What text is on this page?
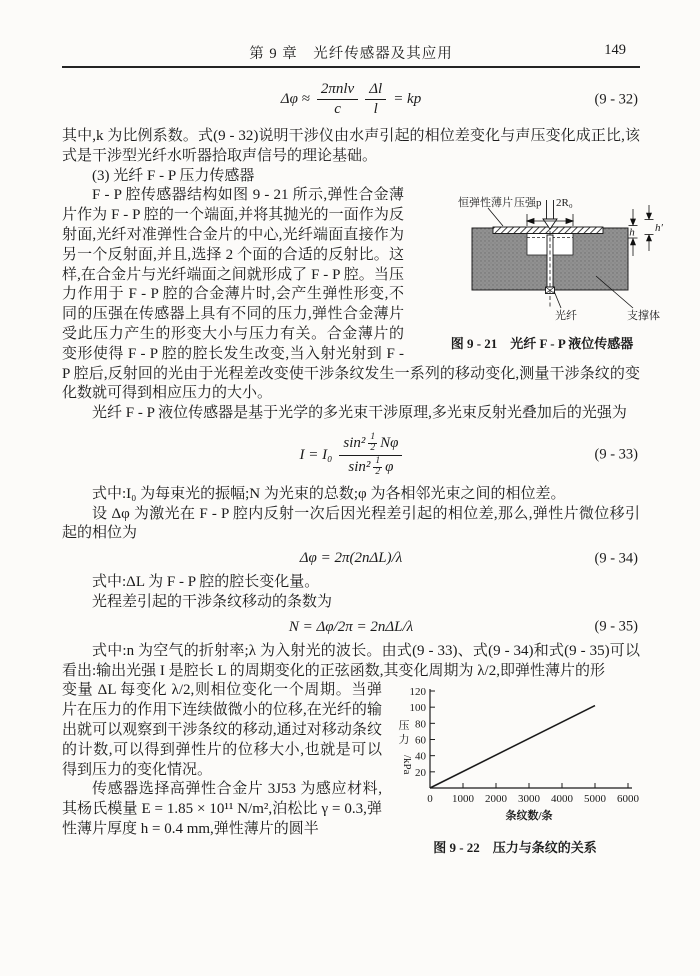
第 9 章　光纤传感器及其应用	149
$\Delta\varphi \approx \frac{\text{2πnlν}}{c} \frac{\Delta l}{l}$ = kp	(9 - 32)
其中,k 为比例系数。式(9 - 32)说明干涉仪由水声引起的相位差变化与声压变化成正比,该式是干涉型光纤水听器拾取声信号的理论基础。
(3) 光纤 F - P 压力传感器
恒弹性薄片 压强p 2R₀
h h′
光纤	支撑体
图 9 - 21　光纤 F - P 液位传感器
F - P 腔传感器结构如图 9 - 21 所示,弹性合金薄片作为 F - P 腔的一个端面,并将其抛光的一面作为反射面,光纤对准弹性合金片的中心,光纤端面直接作为另一个反射面,并且,选择 2 个面的合适的反射比。这样,在合金片与光纤端面之间就形成了 F - P 腔。当压力作用于 F - P 腔的合金薄片时,会产生弹性形变,不同的压强在传感器上具有不同的压力,弹性合金薄片受此压力产生的形变大小与压力有关。合金薄片的变形使得 F - P 腔的腔长发生改变,当入射光射到 F - P 腔后,反射回的光由于光程差改变使干涉条纹发生一系列的移动变化,测量干涉条纹的变化数就可得到相应压力的大小。
光纤 F - P 液位传感器是基于光学的多光束干涉原理,多光束反射光叠加后的光强为
I = I₀
$\sin^2 \frac{1}{2}$ Nφ
$\sin^2 \frac{1}{2}$ φ
(9 - 33)
式中:I₀ 为每束光的振幅;N 为光束的总数;φ 为各相邻光束之间的相位差。
设 Δφ 为激光在 F - P 腔内反射一次后因光程差引起的相位差,那么,弹性片微位移引起的相位为
Δφ = 2π(2nΔL)/λ	(9 - 34)
式中:ΔL 为 F - P 腔的腔长变化量。
光程差引起的干涉条纹移动的条数为
N = Δφ/2π = 2nΔL/λ	(9 - 35)
式中:n 为空气的折射率;λ 为入射光的波长。由式(9 - 33)、式(9 - 34)和式(9 - 35)可以看出:输出光强 I 是腔长 L 的周期变化的正弦函数,其变化周期为 λ/2,即弹性薄片的形
20
40
60
80
100
120
0 1000 2000 3000 4000 5000 6000
压
力
/kPa
条纹数/条
图 9 - 22　压力与条纹的关系
变量 ΔL 每变化 λ/2,则相位变化一个周期。当弹片在压力的作用下连续做微小的位移,在光纤的输出就可以观察到干涉条纹的移动,通过对移动条纹的计数,可以得到弹性片的位移大小,也就是可以得到压力的变化情况。
传感器选择高弹性合金片 3J53 为感应材料,其杨氏模量 E = 1.85 × 10¹¹ N/m²,泊松比 γ = 0.3,弹性薄片厚度 h = 0.4 mm,弹性薄片的圆半
